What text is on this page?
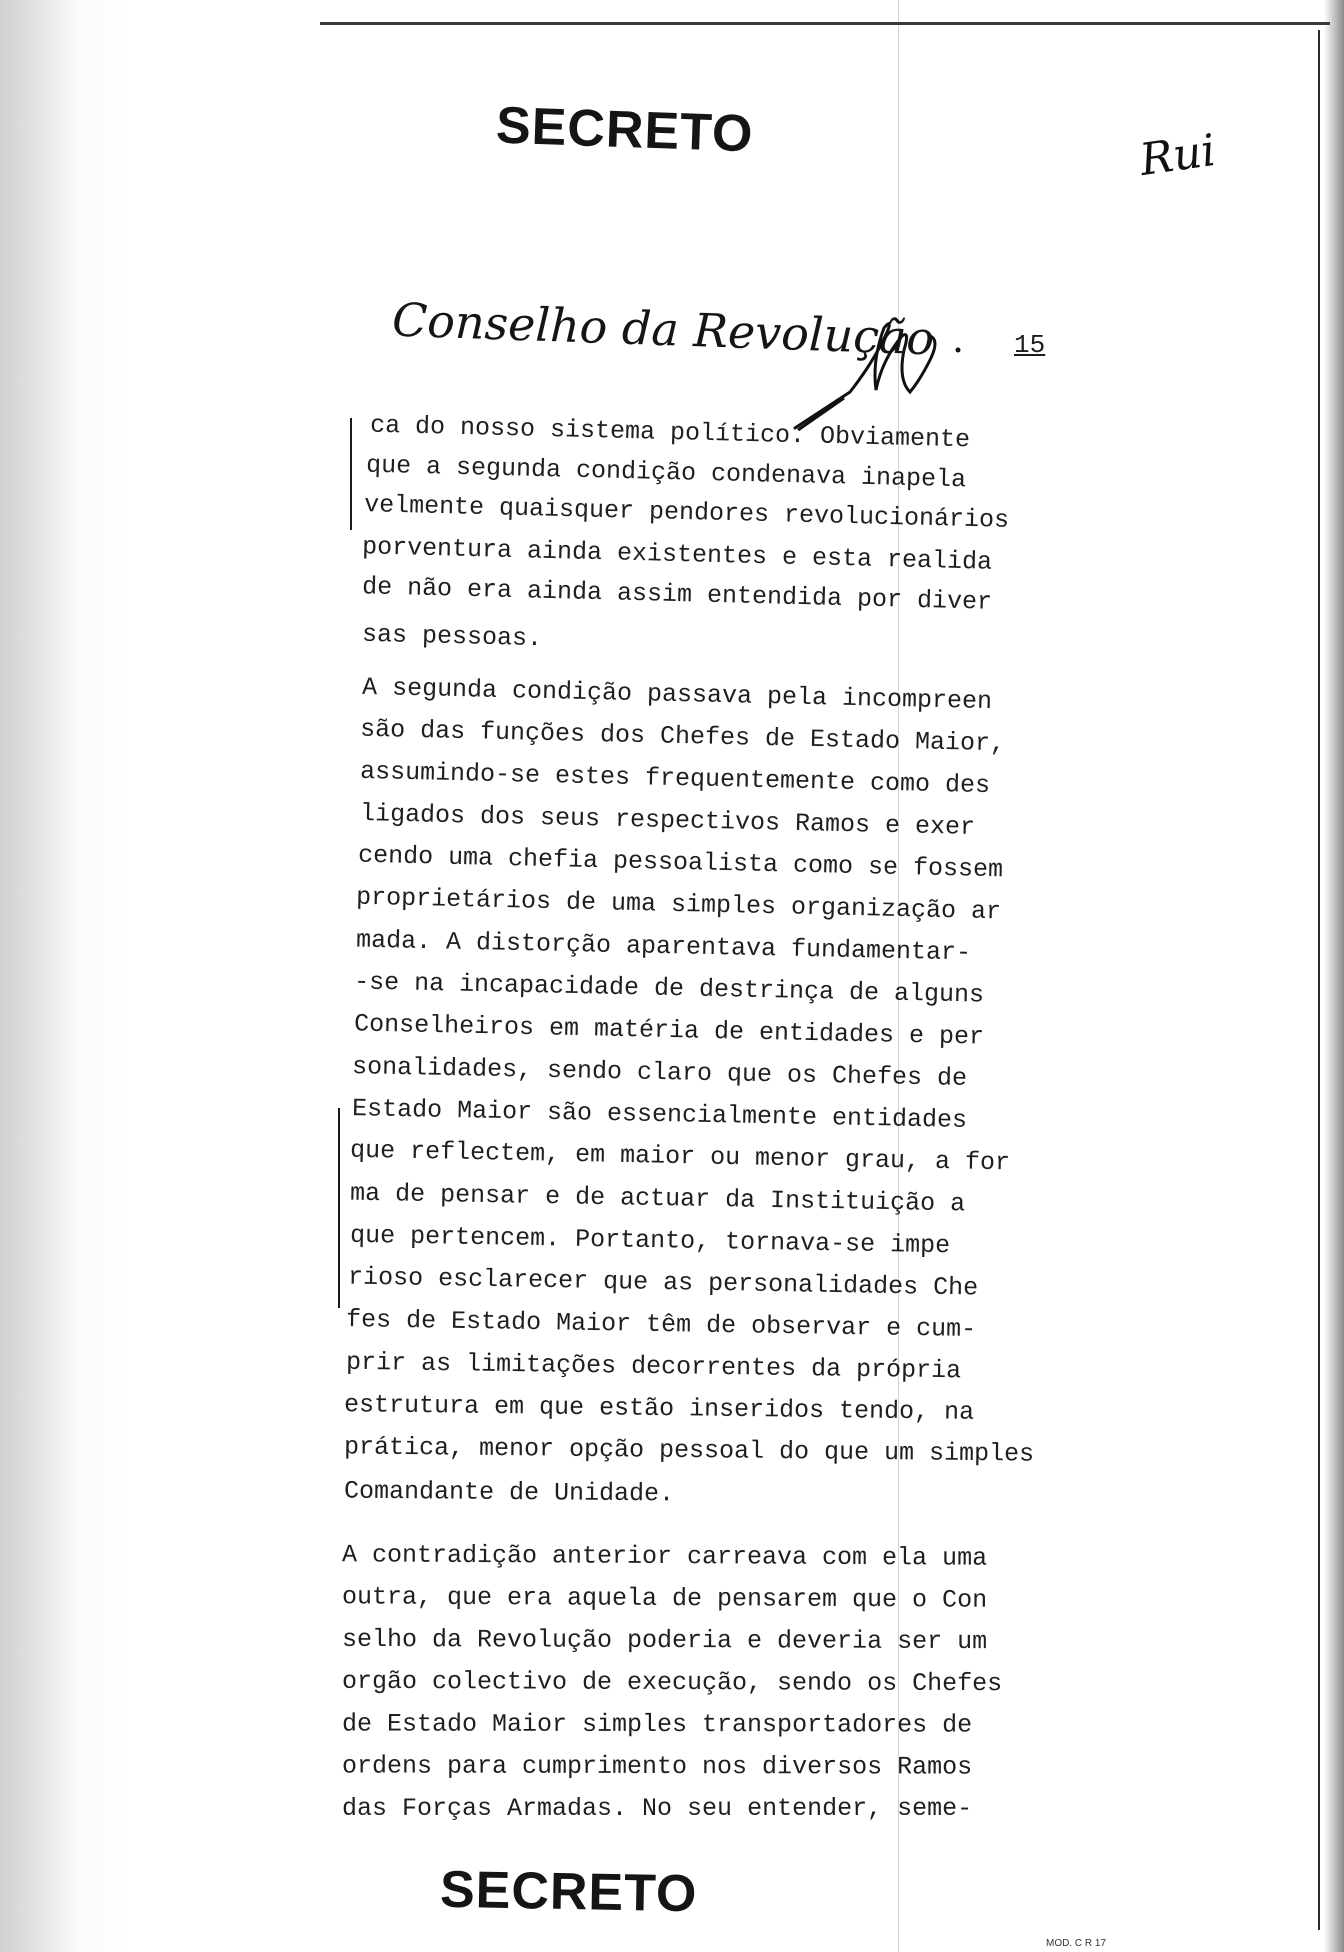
SECRETO	Rui
Conselho da Revolução	15
ca do nosso sistema político. Obviamente
que a segunda condição condenava inapela
velmente quaisquer pendores revolucionários
porventura ainda existentes e esta realida
de não era ainda assim entendida por diver
sas pessoas.
A segunda condição passava pela incompreen
são das funções dos Chefes de Estado Maior,
assumindo-se estes frequentemente como des
ligados dos seus respectivos Ramos e exer
cendo uma chefia pessoalista como se fossem
proprietários de uma simples organização ar
mada. A distorção aparentava fundamentar-
-se na incapacidade de destrinça de alguns
Conselheiros em matéria de entidades e per
sonalidades, sendo claro que os Chefes de
Estado Maior são essencialmente entidades
que reflectem, em maior ou menor grau, a for
ma de pensar e de actuar da Instituição a
que pertencem. Portanto, tornava-se impe
rioso esclarecer que as personalidades Che
fes de Estado Maior têm de observar e cum-
prir as limitações decorrentes da própria
estrutura em que estão inseridos tendo, na
prática, menor opção pessoal do que um simples
Comandante de Unidade.
A contradição anterior carreava com ela uma
outra, que era aquela de pensarem que o Con
selho da Revolução poderia e deveria ser um
orgão colectivo de execução, sendo os Chefes
de Estado Maior simples transportadores de
ordens para cumprimento nos diversos Ramos
das Forças Armadas. No seu entender, seme-
SECRETO
MOD. C R 17
